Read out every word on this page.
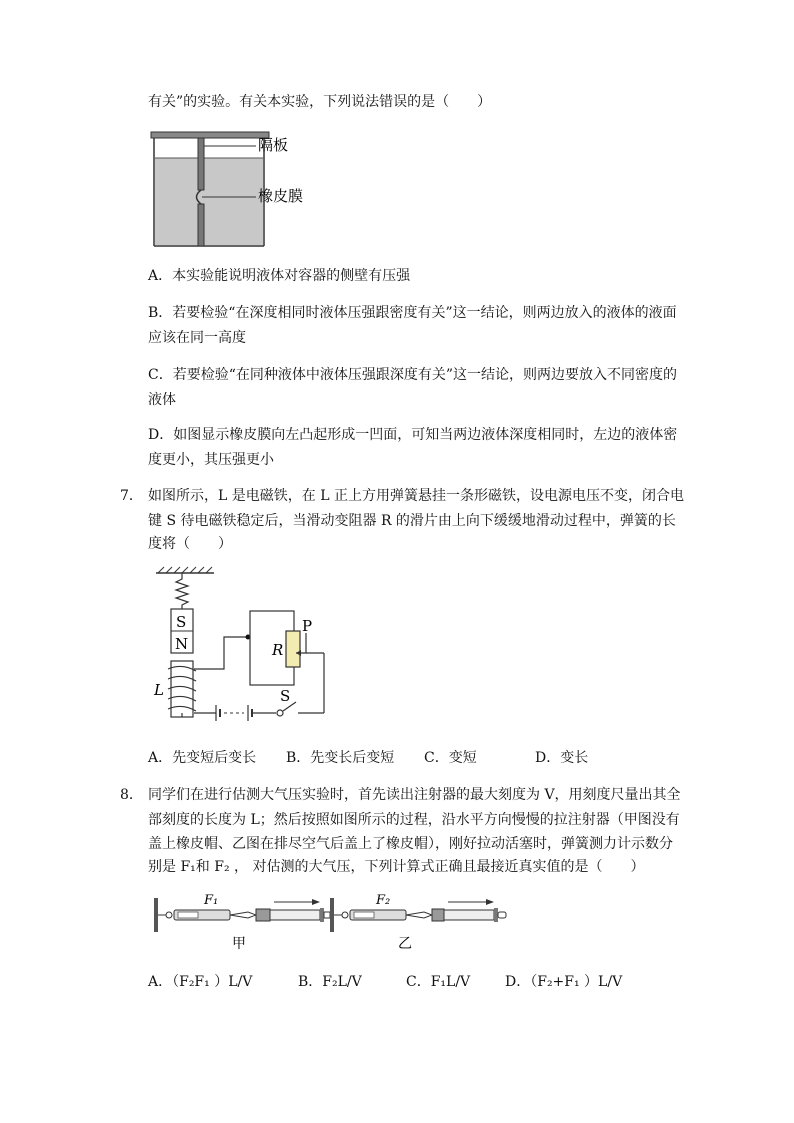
有关”的实验。有关本实验，下列说法错误的是（　　）
隔板
橡皮膜
A．本实验能说明液体对容器的侧壁有压强
B．若要检验“在深度相同时液体压强跟密度有关”这一结论，则两边放入的液体的液面
应该在同一高度
C．若要检验“在同种液体中液体压强跟深度有关”这一结论，则两边要放入不同密度的
液体
D．如图显示橡皮膜向左凸起形成一凹面，可知当两边液体深度相同时，左边的液体密
度更小，其压强更小
7． 如图所示，L 是电磁铁，在 L 正上方用弹簧悬挂一条形磁铁，设电源电压不变，闭合电
键 S 待电磁铁稳定后，当滑动变阻器 R 的滑片由上向下缓缓地滑动过程中，弹簧的长
度将（　　）
S
N
L
R
P
S
A．先变短后变长 B．先变长后变短 C．变短	D．变长
8． 同学们在进行估测大气压实验时，首先读出注射器的最大刻度为 V，用刻度尺量出其全
部刻度的长度为 L；然后按照如图所示的过程，沿水平方向慢慢的拉注射器（甲图没有
盖上橡皮帽、乙图在排尽空气后盖上了橡皮帽），刚好拉动活塞时，弹簧测力计示数分
别是 F₁和 F₂ ， 对估测的大气压，下列计算式正确且最接近真实值的是（　　）
F₁
甲
F₂
乙
A．（F₂F₁ ）L/V	B．F₂L/V	C．F₁L/V D．（F₂+F₁ ）L/V
